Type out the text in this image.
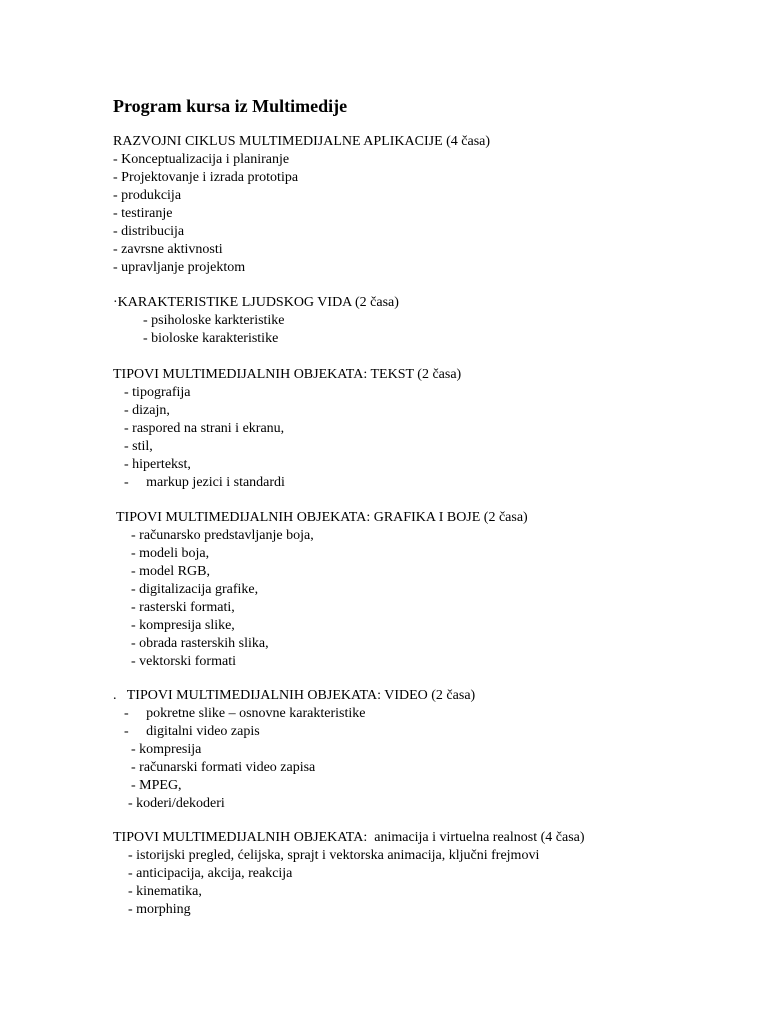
Program kursa iz Multimedije
RAZVOJNI CIKLUS MULTIMEDIJALNE APLIKACIJE (4 časa)
- Konceptualizacija i planiranje
- Projektovanje i izrada prototipa
- produkcija
- testiranje
- distribucija
- zavrsne aktivnosti
- upravljanje projektom
·KARAKTERISTIKE LJUDSKOG VIDA (2 časa)
- psiholoske karkteristike
- bioloske karakteristike
TIPOVI MULTIMEDIJALNIH OBJEKATA: TEKST (2 časa)
- tipografija
- dizajn,
- raspored na strani i ekranu,
- stil,
- hipertekst,
-     markup jezici i standardi
TIPOVI MULTIMEDIJALNIH OBJEKATA: GRAFIKA I BOJE (2 časa)
- računarsko predstavljanje boja,
- modeli boja,
- model RGB,
- digitalizacija grafike,
- rasterski formati,
- kompresija slike,
- obrada rasterskih slika,
- vektorski formati
.   TIPOVI MULTIMEDIJALNIH OBJEKATA: VIDEO (2 časa)
-     pokretne slike – osnovne karakteristike
-     digitalni video zapis
- kompresija
- računarski formati video zapisa
- MPEG,
- koderi/dekoderi
TIPOVI MULTIMEDIJALNIH OBJEKATA:  animacija i virtuelna realnost (4 časa)
- istorijski pregled, ćelijska, sprajt i vektorska animacija, ključni frejmovi
- anticipacija, akcija, reakcija
- kinematika,
- morphing
